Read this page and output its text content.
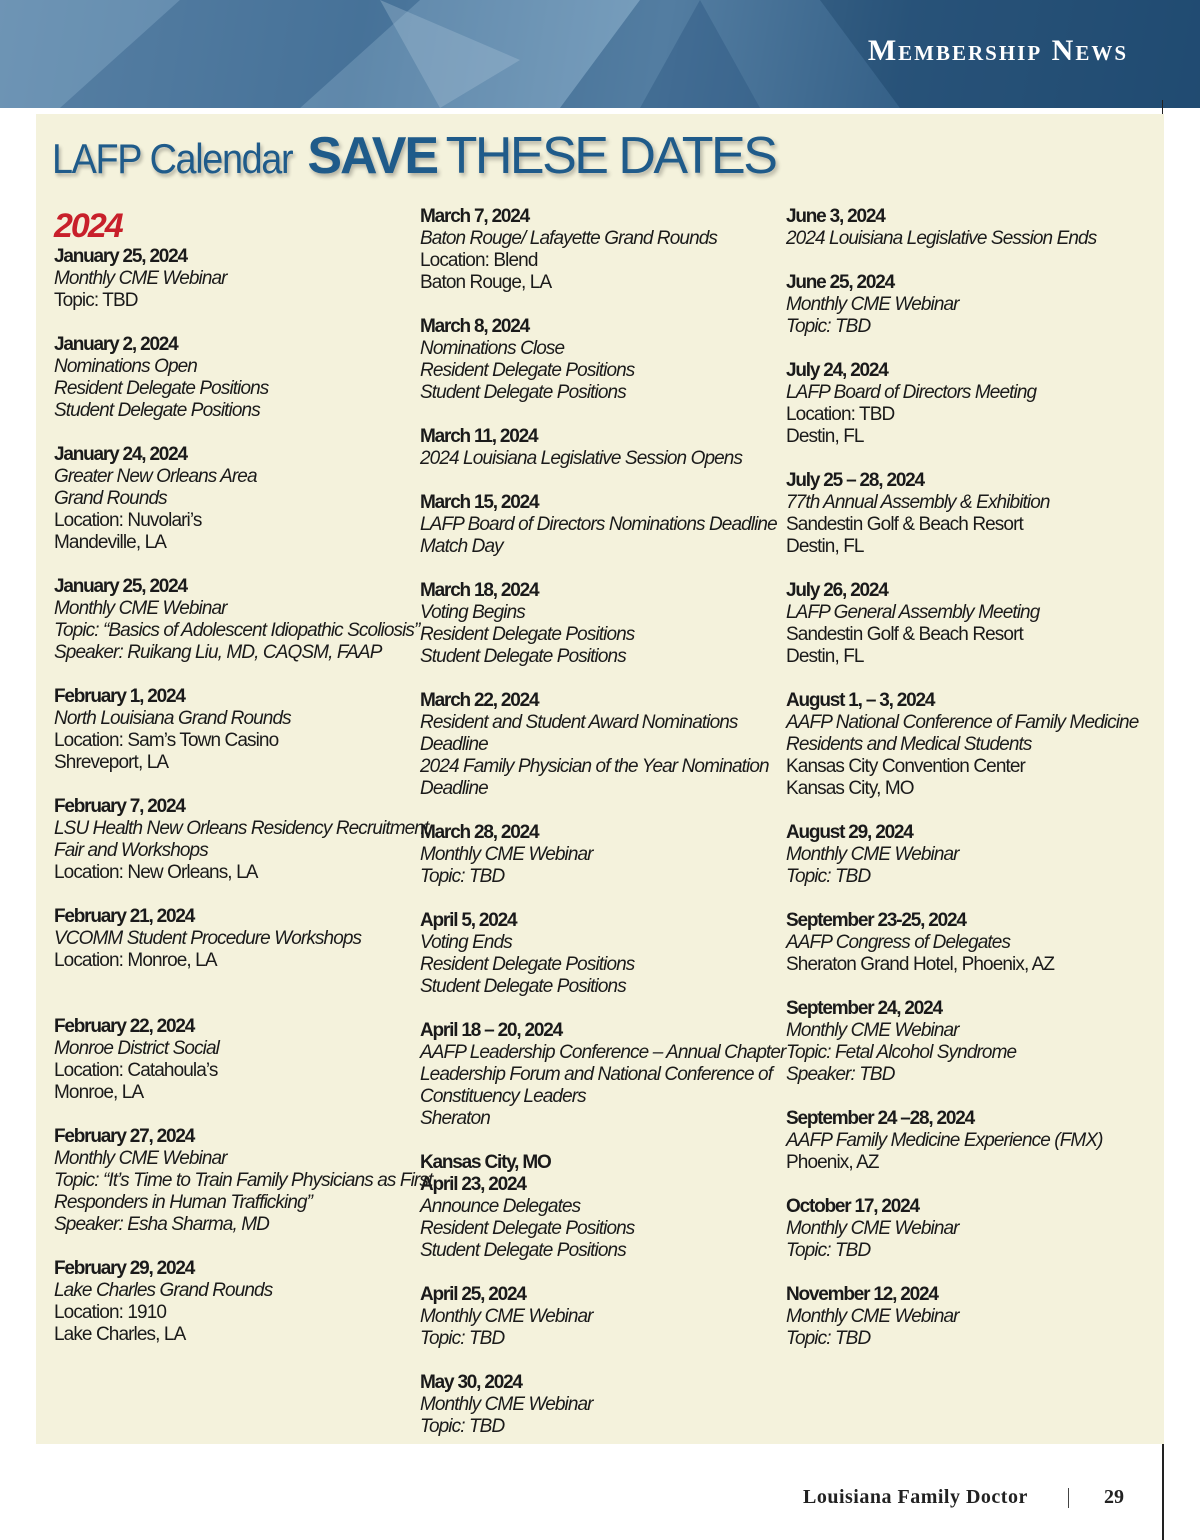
Membership News
LAFP Calendar SAVE THESE DATES
2024
January 25, 2024
Monthly CME Webinar
Topic: TBD
January 2, 2024
Nominations Open
Resident Delegate Positions
Student Delegate Positions
January 24, 2024
Greater New Orleans Area
Grand Rounds
Location: Nuvolari’s
Mandeville, LA
January 25, 2024
Monthly CME Webinar
Topic: “Basics of Adolescent Idiopathic Scoliosis”
Speaker: Ruikang Liu, MD, CAQSM, FAAP
February 1, 2024
North Louisiana Grand Rounds
Location: Sam’s Town Casino
Shreveport, LA
February 7, 2024
LSU Health New Orleans Residency Recruitment
Fair and Workshops
Location: New Orleans, LA
February 21, 2024
VCOMM Student Procedure Workshops
Location: Monroe, LA
February 22, 2024
Monroe District Social
Location: Catahoula’s
Monroe, LA
February 27, 2024
Monthly CME Webinar
Topic: “It’s Time to Train Family Physicians as First
Responders in Human Trafficking”
Speaker: Esha Sharma, MD
February 29, 2024
Lake Charles Grand Rounds
Location: 1910
Lake Charles, LA
March 7, 2024
Baton Rouge/ Lafayette Grand Rounds
Location: Blend
Baton Rouge, LA
March 8, 2024
Nominations Close
Resident Delegate Positions
Student Delegate Positions
March 11, 2024
2024 Louisiana Legislative Session Opens
March 15, 2024
LAFP Board of Directors Nominations Deadline
Match Day
March 18, 2024
Voting Begins
Resident Delegate Positions
Student Delegate Positions
March 22, 2024
Resident and Student Award Nominations
Deadline
2024 Family Physician of the Year Nomination
Deadline
March 28, 2024
Monthly CME Webinar
Topic: TBD
April 5, 2024
Voting Ends
Resident Delegate Positions
Student Delegate Positions
April 18 – 20, 2024
AAFP Leadership Conference – Annual Chapter
Leadership Forum and National Conference of
Constituency Leaders
Sheraton
Kansas City, MO
April 23, 2024
Announce Delegates
Resident Delegate Positions
Student Delegate Positions
April 25, 2024
Monthly CME Webinar
Topic: TBD
May 30, 2024
Monthly CME Webinar
Topic: TBD
June 3, 2024
2024 Louisiana Legislative Session Ends
June 25, 2024
Monthly CME Webinar
Topic: TBD
July 24, 2024
LAFP Board of Directors Meeting
Location: TBD
Destin, FL
July 25 – 28, 2024
77th Annual Assembly & Exhibition
Sandestin Golf & Beach Resort
Destin, FL
July 26, 2024
LAFP General Assembly Meeting
Sandestin Golf & Beach Resort
Destin, FL
August 1, – 3, 2024
AAFP National Conference of Family Medicine
Residents and Medical Students
Kansas City Convention Center
Kansas City, MO
August 29, 2024
Monthly CME Webinar
Topic: TBD
September 23-25, 2024
AAFP Congress of Delegates
Sheraton Grand Hotel, Phoenix, AZ
September 24, 2024
Monthly CME Webinar
Topic: Fetal Alcohol Syndrome
Speaker: TBD
September 24 –28, 2024
AAFP Family Medicine Experience (FMX)
Phoenix, AZ
October 17, 2024
Monthly CME Webinar
Topic: TBD
November 12, 2024
Monthly CME Webinar
Topic: TBD
Louisiana Family Doctor	29
